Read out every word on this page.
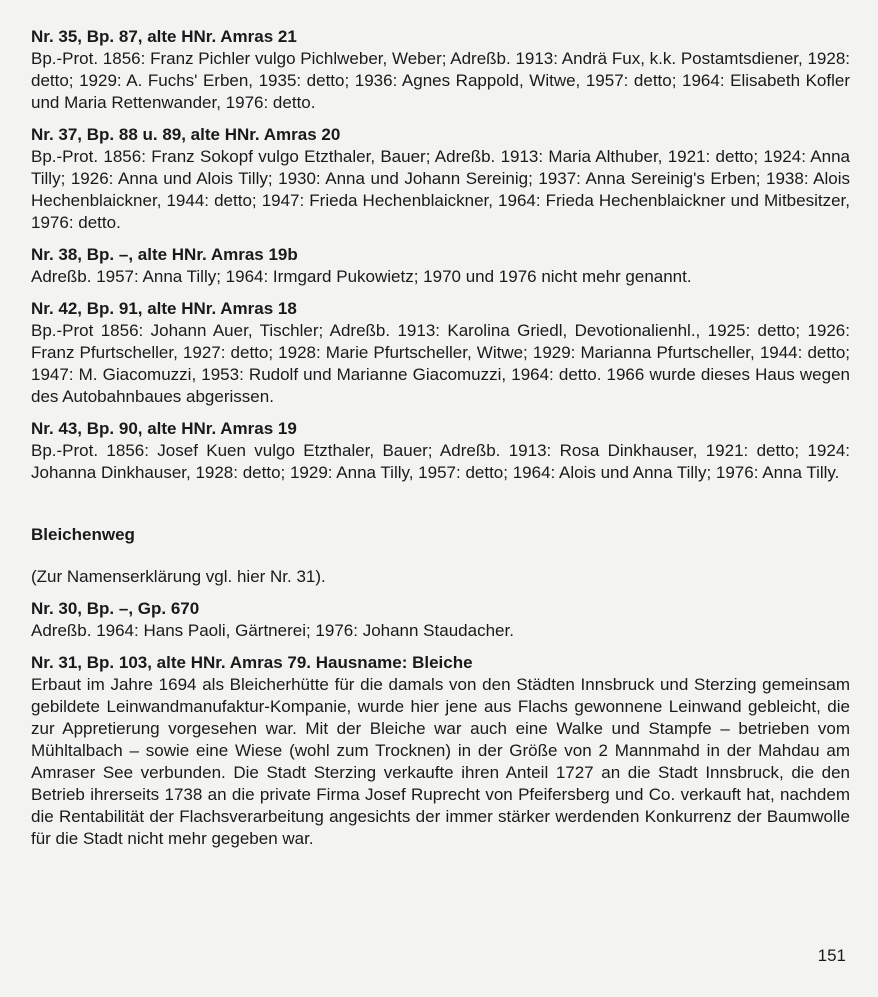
Nr. 35, Bp. 87, alte HNr. Amras 21

Bp.-Prot. 1856: Franz Pichler vulgo Pichlweber, Weber; Adreßb. 1913: Andrä Fux, k.k. Postamtsdiener, 1928: detto; 1929: A. Fuchs' Erben, 1935: detto; 1936: Agnes Rappold, Witwe, 1957: detto; 1964: Elisabeth Kofler und Maria Rettenwander, 1976: detto.

Nr. 37, Bp. 88 u. 89, alte HNr. Amras 20

Bp.-Prot. 1856: Franz Sokopf vulgo Etzthaler, Bauer; Adreßb. 1913: Maria Althuber, 1921: detto; 1924: Anna Tilly; 1926: Anna und Alois Tilly; 1930: Anna und Johann Sereinig; 1937: Anna Sereinig's Erben; 1938: Alois Hechenblaickner, 1944: detto; 1947: Frieda Hechenblaickner, 1964: Frieda Hechenblaickner und Mitbesitzer, 1976: detto.

Nr. 38, Bp. –, alte HNr. Amras 19b

Adreßb. 1957: Anna Tilly; 1964: Irmgard Pukowietz; 1970 und 1976 nicht mehr genannt.

Nr. 42, Bp. 91, alte HNr. Amras 18

Bp.-Prot 1856: Johann Auer, Tischler; Adreßb. 1913: Karolina Griedl, Devotionalienhl., 1925: detto; 1926: Franz Pfurtscheller, 1927: detto; 1928: Marie Pfurtscheller, Witwe; 1929: Marianna Pfurtscheller, 1944: detto; 1947: M. Giacomuzzi, 1953: Rudolf und Marianne Giacomuzzi, 1964: detto. 1966 wurde dieses Haus wegen des Autobahnbaues abgerissen.

Nr. 43, Bp. 90, alte HNr. Amras 19

Bp.-Prot. 1856: Josef Kuen vulgo Etzthaler, Bauer; Adreßb. 1913: Rosa Dinkhauser, 1921: detto; 1924: Johanna Dinkhauser, 1928: detto; 1929: Anna Tilly, 1957: detto; 1964: Alois und Anna Tilly; 1976: Anna Tilly.

Bleichenweg

(Zur Namenserklärung vgl. hier Nr. 31).

Nr. 30, Bp. –, Gp. 670

Adreßb. 1964: Hans Paoli, Gärtnerei; 1976: Johann Staudacher.

Nr. 31, Bp. 103, alte HNr. Amras 79. Hausname: Bleiche

Erbaut im Jahre 1694 als Bleicherhütte für die damals von den Städten Innsbruck und Sterzing gemeinsam gebildete Leinwandmanufaktur-Kompanie, wurde hier jene aus Flachs gewonnene Leinwand gebleicht, die zur Appretierung vorgesehen war. Mit der Bleiche war auch eine Walke und Stampfe – betrieben vom Mühltalbach – sowie eine Wiese (wohl zum Trocknen) in der Größe von 2 Mannmahd in der Mahdau am Amraser See verbunden. Die Stadt Sterzing verkaufte ihren Anteil 1727 an die Stadt Innsbruck, die den Betrieb ihrerseits 1738 an die private Firma Josef Ruprecht von Pfeifersberg und Co. verkauft hat, nachdem die Rentabilität der Flachsverarbeitung angesichts der immer stärker werdenden Konkurrenz der Baumwolle für die Stadt nicht mehr gegeben war.

151
